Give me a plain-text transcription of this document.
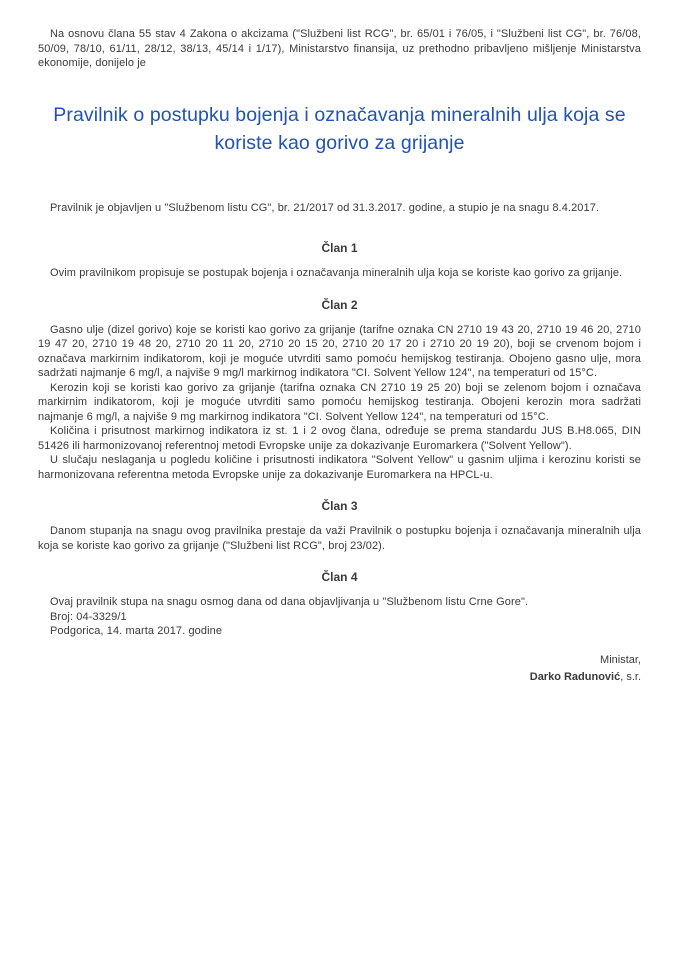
Na osnovu člana 55 stav 4 Zakona o akcizama ("Službeni list RCG", br. 65/01 i 76/05, i "Službeni list CG", br. 76/08, 50/09, 78/10, 61/11, 28/12, 38/13, 45/14 i 1/17), Ministarstvo finansija, uz prethodno pribavljeno mišljenje Ministarstva ekonomije, donijelo je

Pravilnik o postupku bojenja i označavanja mineralnih ulja koja se koriste kao gorivo za grijanje

Pravilnik je objavljen u "Službenom listu CG", br. 21/2017 od 31.3.2017. godine, a stupio je na snagu 8.4.2017.

Član 1

Ovim pravilnikom propisuje se postupak bojenja i označavanja mineralnih ulja koja se koriste kao gorivo za grijanje.

Član 2

Gasno ulje (dizel gorivo) koje se koristi kao gorivo za grijanje (tarifne oznaka CN 2710 19 43 20, 2710 19 46 20, 2710 19 47 20, 2710 19 48 20, 2710 20 11 20, 2710 20 15 20, 2710 20 17 20 i 2710 20 19 20), boji se crvenom bojom i označava markirnim indikatorom, koji je moguće utvrditi samo pomoću hemijskog testiranja. Obojeno gasno ulje, mora sadržati najmanje 6 mg/l, a najviše 9 mg/l markirnog indikatora "CI. Solvent Yellow 124", na temperaturi od 15°C.

Kerozin koji se koristi kao gorivo za grijanje (tarifna oznaka CN 2710 19 25 20) boji se zelenom bojom i označava markirnim indikatorom, koji je moguće utvrditi samo pomoću hemijskog testiranja. Obojeni kerozin mora sadržati najmanje 6 mg/l, a najviše 9 mg markirnog indikatora "CI. Solvent Yellow 124", na temperaturi od 15°C.

Količina i prisutnost markirnog indikatora iz st. 1 i 2 ovog člana, određuje se prema standardu JUS B.H8.065, DIN 51426 ili harmonizovanoj referentnoj metodi Evropske unije za dokazivanje Euromarkera ("Solvent Yellow").

U slučaju neslaganja u pogledu količine i prisutnosti indikatora "Solvent Yellow" u gasnim uljima i kerozinu koristi se harmonizovana referentna metoda Evropske unije za dokazivanje Euromarkera na HPCL-u.

Član 3

Danom stupanja na snagu ovog pravilnika prestaje da važi Pravilnik o postupku bojenja i označavanja mineralnih ulja koja se koriste kao gorivo za grijanje ("Službeni list RCG", broj 23/02).

Član 4

Ovaj pravilnik stupa na snagu osmog dana od dana objavljivanja u "Službenom listu Crne Gore".

Broj: 04-3329/1

Podgorica, 14. marta 2017. godine

Ministar,

Darko Radunović, s.r.
